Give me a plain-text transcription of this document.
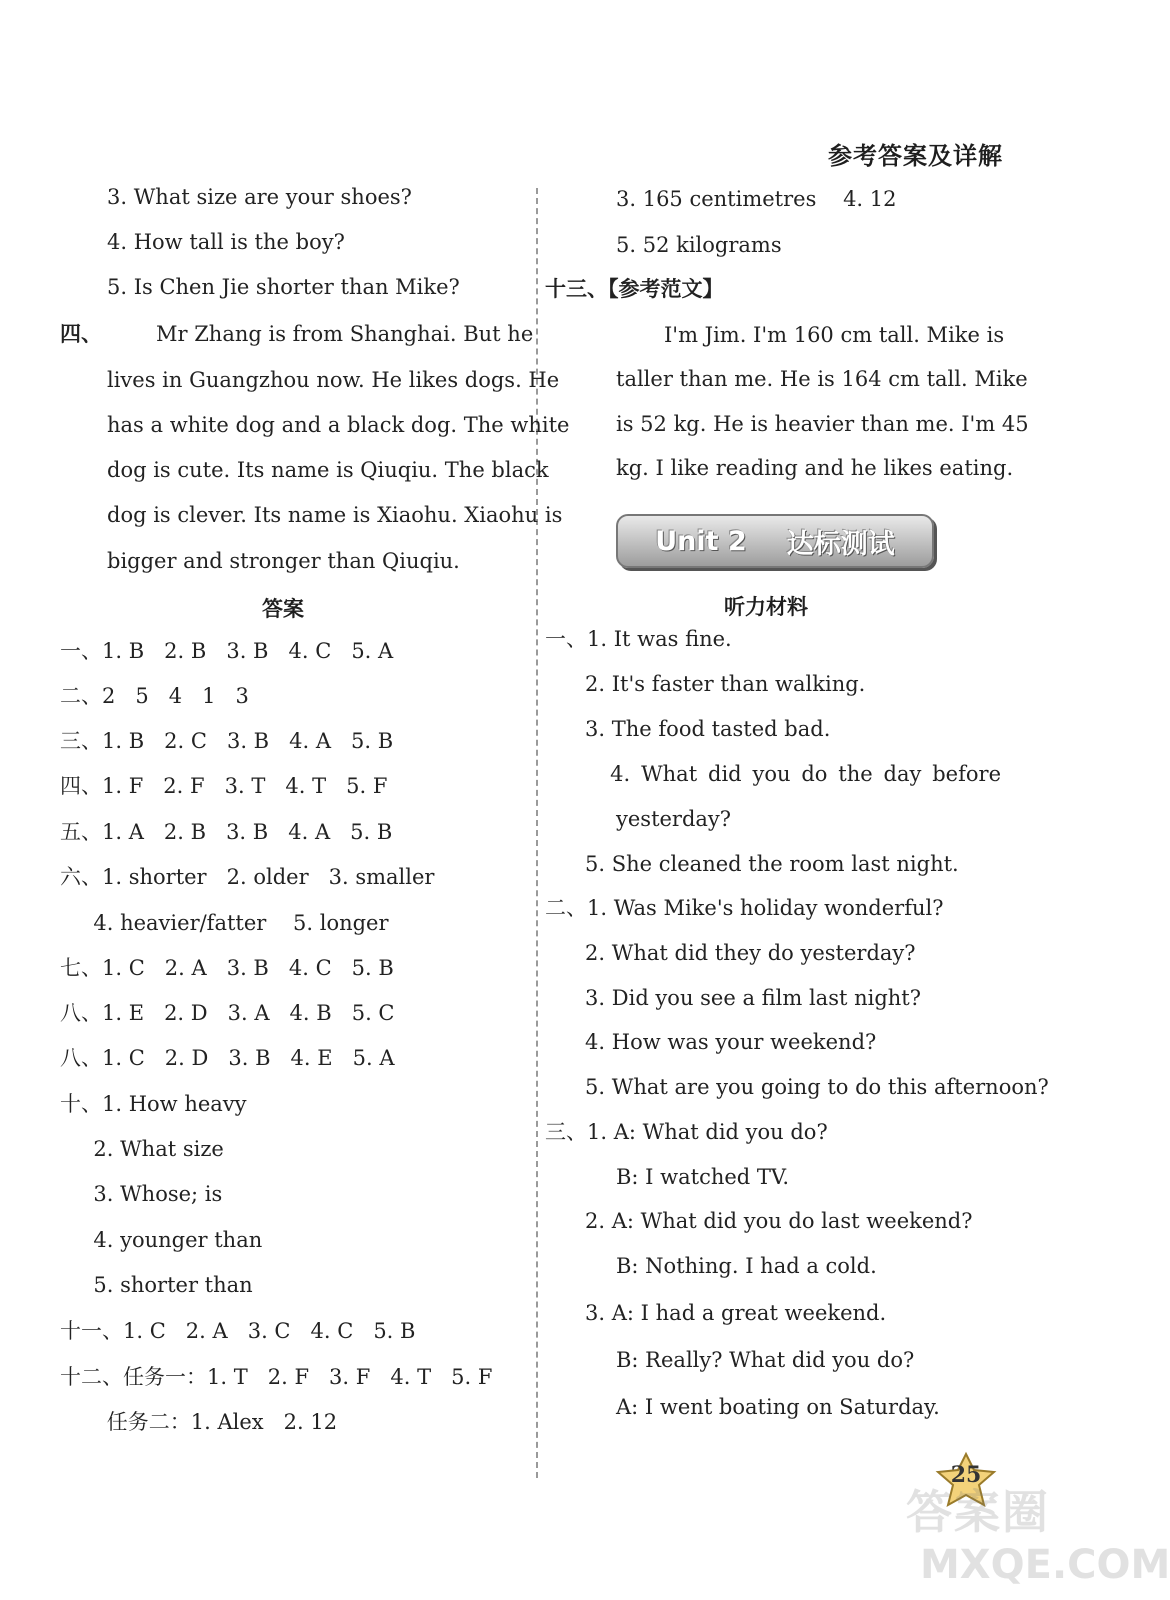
参考答案及详解
3. What size are your shoes?
4. How tall is the boy?
5. Is Chen Jie shorter than Mike?
四、	Mr Zhang is from Shanghai. But he
lives in Guangzhou now. He likes dogs. He
has a white dog and a black dog. The white
dog is cute. Its name is Qiuqiu. The black
dog is clever. Its name is Xiaohu. Xiaohu is
bigger and stronger than Qiuqiu.
答案
一、1. B   2. B   3. B   4. C   5. A
二、2   5   4   1   3
三、1. B   2. C   3. B   4. A   5. B
四、1. F   2. F   3. T   4. T   5. F
五、1. A   2. B   3. B   4. A   5. B
六、1. shorter   2. older   3. smaller
4. heavier/fatter    5. longer
七、1. C   2. A   3. B   4. C   5. B
八、1. E   2. D   3. A   4. B   5. C
八、1. C   2. D   3. B   4. E   5. A
十、1. How heavy
2. What size
3. Whose; is
4. younger than
5. shorter than
十一、1. C   2. A   3. C   4. C   5. B
十二、任务一：1. T   2. F   3. F   4. T   5. F
任务二：1. Alex   2. 12
3. 165 centimetres    4. 12
5. 52 kilograms
十三、【参考范文】
I'm Jim. I'm 160 cm tall. Mike is
taller than me. He is 164 cm tall. Mike
is 52 kg. He is heavier than me. I'm 45
kg. I like reading and he likes eating.
Unit 2 达标测试
听力材料
一、1. It was fine.
2. It's faster than walking.
3. The food tasted bad.
4. What did you do the day before
yesterday?
5. She cleaned the room last night.
二、1. Was Mike's holiday wonderful?
2. What did they do yesterday?
3. Did you see a film last night?
4. How was your weekend?
5. What are you going to do this afternoon?
三、1. A: What did you do?
B: I watched TV.
2. A: What did you do last weekend?
B: Nothing. I had a cold.
3. A: I had a great weekend.
B: Really? What did you do?
A: I went boating on Saturday.
25
答案圈
MXQE.COM
